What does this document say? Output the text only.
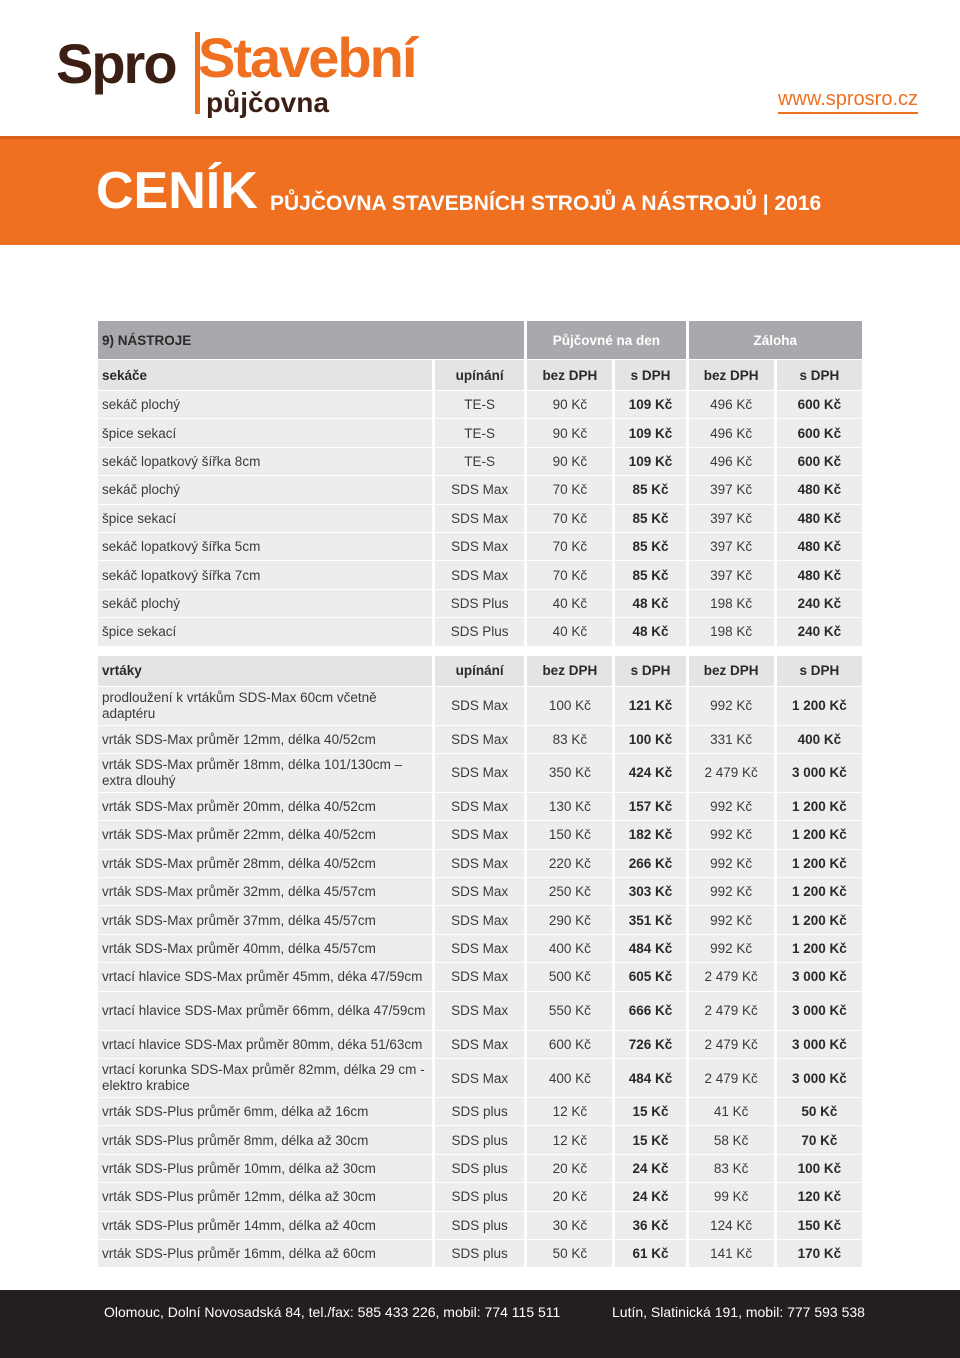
Spro Stavební
půjčovna	www.sprosro.cz
CENÍK PŮJČOVNA STAVEBNÍCH STROJŮ A NÁSTROJŮ | 2016
9) NÁSTROJE		Půjčovné na den		Záloha	
sekáče	upínání	bez DPH	s DPH	bez DPH	s DPH
sekáč plochý	TE-S	90 Kč	109 Kč	496 Kč	600 Kč
špice sekací	TE-S	90 Kč	109 Kč	496 Kč	600 Kč
sekáč lopatkový šířka 8cm	TE-S	90 Kč	109 Kč	496 Kč	600 Kč
sekáč plochý	SDS Max	70 Kč	85 Kč	397 Kč	480 Kč
špice sekací	SDS Max	70 Kč	85 Kč	397 Kč	480 Kč
sekáč lopatkový šířka 5cm	SDS Max	70 Kč	85 Kč	397 Kč	480 Kč
sekáč lopatkový šířka 7cm	SDS Max	70 Kč	85 Kč	397 Kč	480 Kč
sekáč plochý	SDS Plus	40 Kč	48 Kč	198 Kč	240 Kč
špice sekací	SDS Plus	40 Kč	48 Kč	198 Kč	240 Kč

vrtáky	upínání	bez DPH	s DPH	bez DPH	s DPH
prodloužení k vrtákům SDS-Max 60cm včetně adaptéru	SDS Max	100 Kč	121 Kč	992 Kč	1 200 Kč
vrták SDS-Max průměr 12mm, délka 40/52cm	SDS Max	83 Kč	100 Kč	331 Kč	400 Kč
vrták SDS-Max průměr 18mm, délka 101/130cm – extra dlouhý	SDS Max	350 Kč	424 Kč	2 479 Kč	3 000 Kč
vrták SDS-Max průměr 20mm, délka 40/52cm	SDS Max	130 Kč	157 Kč	992 Kč	1 200 Kč
vrták SDS-Max průměr 22mm, délka 40/52cm	SDS Max	150 Kč	182 Kč	992 Kč	1 200 Kč
vrták SDS-Max průměr 28mm, délka 40/52cm	SDS Max	220 Kč	266 Kč	992 Kč	1 200 Kč
vrták SDS-Max průměr 32mm, délka 45/57cm	SDS Max	250 Kč	303 Kč	992 Kč	1 200 Kč
vrták SDS-Max průměr 37mm, délka 45/57cm	SDS Max	290 Kč	351 Kč	992 Kč	1 200 Kč
vrták SDS-Max průměr 40mm, délka 45/57cm	SDS Max	400 Kč	484 Kč	992 Kč	1 200 Kč
vrtací hlavice SDS-Max průměr 45mm, déka 47/59cm	SDS Max	500 Kč	605 Kč	2 479 Kč	3 000 Kč
vrtací hlavice SDS-Max průměr 66mm, délka 47/59cm	SDS Max	550 Kč	666 Kč	2 479 Kč	3 000 Kč
vrtací hlavice SDS-Max průměr 80mm, déka 51/63cm	SDS Max	600 Kč	726 Kč	2 479 Kč	3 000 Kč
vrtací korunka SDS-Max průměr 82mm, délka 29 cm - elektro krabice	SDS Max	400 Kč	484 Kč	2 479 Kč	3 000 Kč
vrták SDS-Plus průměr 6mm, délka až 16cm	SDS plus	12 Kč	15 Kč	41 Kč	50 Kč
vrták SDS-Plus průměr 8mm, délka až 30cm	SDS plus	12 Kč	15 Kč	58 Kč	70 Kč
vrták SDS-Plus průměr 10mm, délka až 30cm	SDS plus	20 Kč	24 Kč	83 Kč	100 Kč
vrták SDS-Plus průměr 12mm, délka až 30cm	SDS plus	20 Kč	24 Kč	99 Kč	120 Kč
vrták SDS-Plus průměr 14mm, délka až 40cm	SDS plus	30 Kč	36 Kč	124 Kč	150 Kč
vrták SDS-Plus průměr 16mm, délka až 60cm	SDS plus	50 Kč	61 Kč	141 Kč	170 Kč
Olomouc, Dolní Novosadská 84, tel./fax: 585 433 226, mobil: 774 115 511	Lutín, Slatinická 191, mobil: 777 593 538
